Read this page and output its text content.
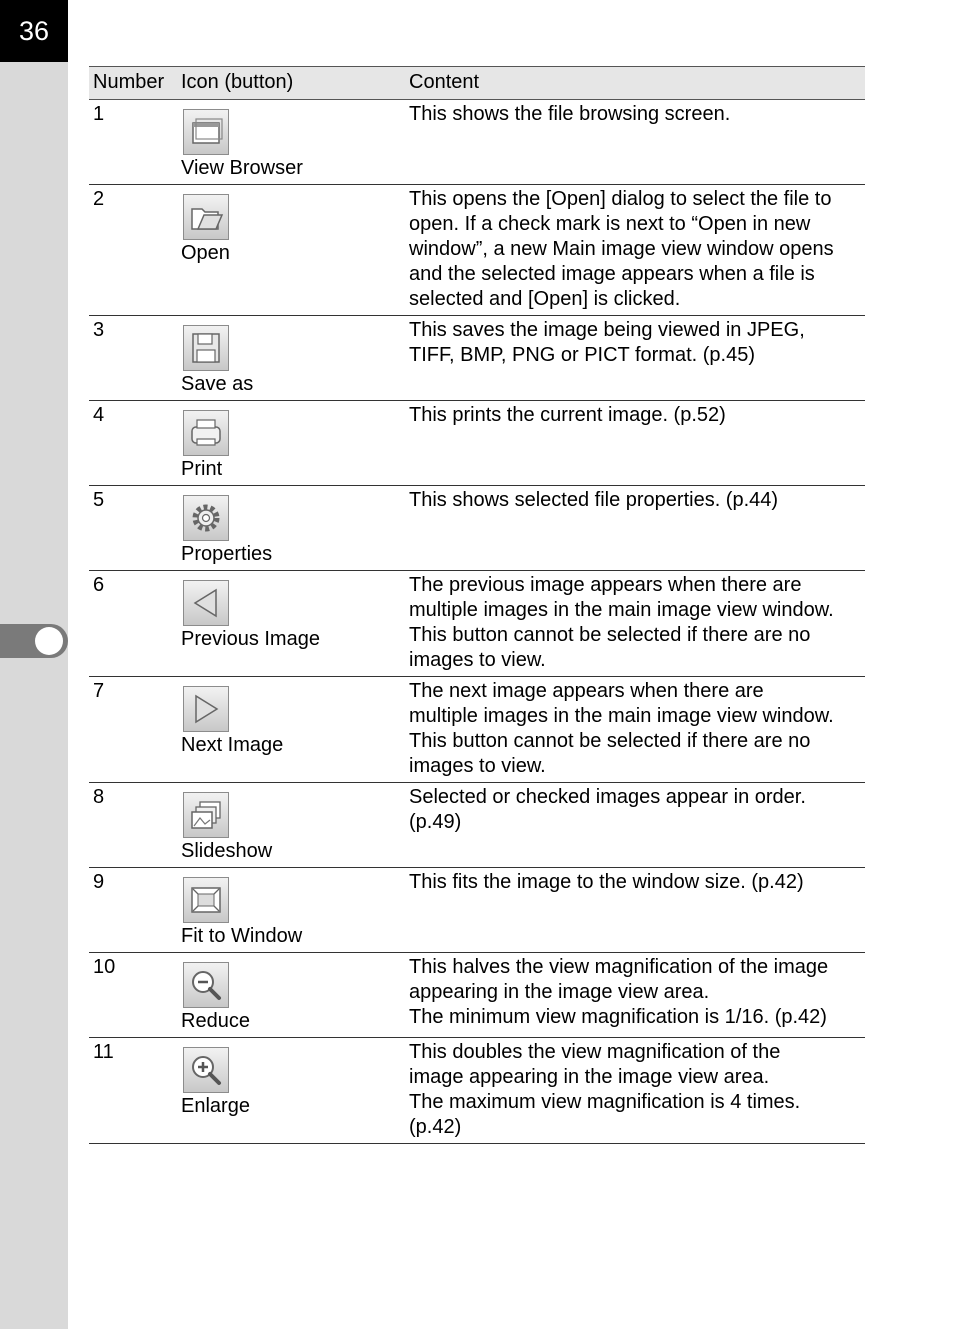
36
Number	Icon (button)	Content
1	View Browser	This shows the file browsing screen.

2	Open	This opens the [Open] dialog to select the file to
open. If a check mark is next to “Open in new
window”, a new Main image view window opens
and the selected image appears when a file is
selected and [Open] is clicked.

3	Save as	This saves the image being viewed in JPEG,
TIFF, BMP, PNG or PICT format. (p.45)

4	Print	This prints the current image. (p.52)

5	Properties	This shows selected file properties. (p.44)

6	Previous Image	The previous image appears when there are
multiple images in the main image view window.
This button cannot be selected if there are no
images to view.

7	Next Image	The next image appears when there are
multiple images in the main image view window.
This button cannot be selected if there are no
images to view.

8	Slideshow	Selected or checked images appear in order.
(p.49)

9	Fit to Window	This fits the image to the window size. (p.42)

10	Reduce	This halves the view magnification of the image
appearing in the image view area.
The minimum view magnification is 1/16. (p.42)

11	Enlarge	This doubles the view magnification of the
image appearing in the image view area.
The maximum view magnification is 4 times.
(p.42)
